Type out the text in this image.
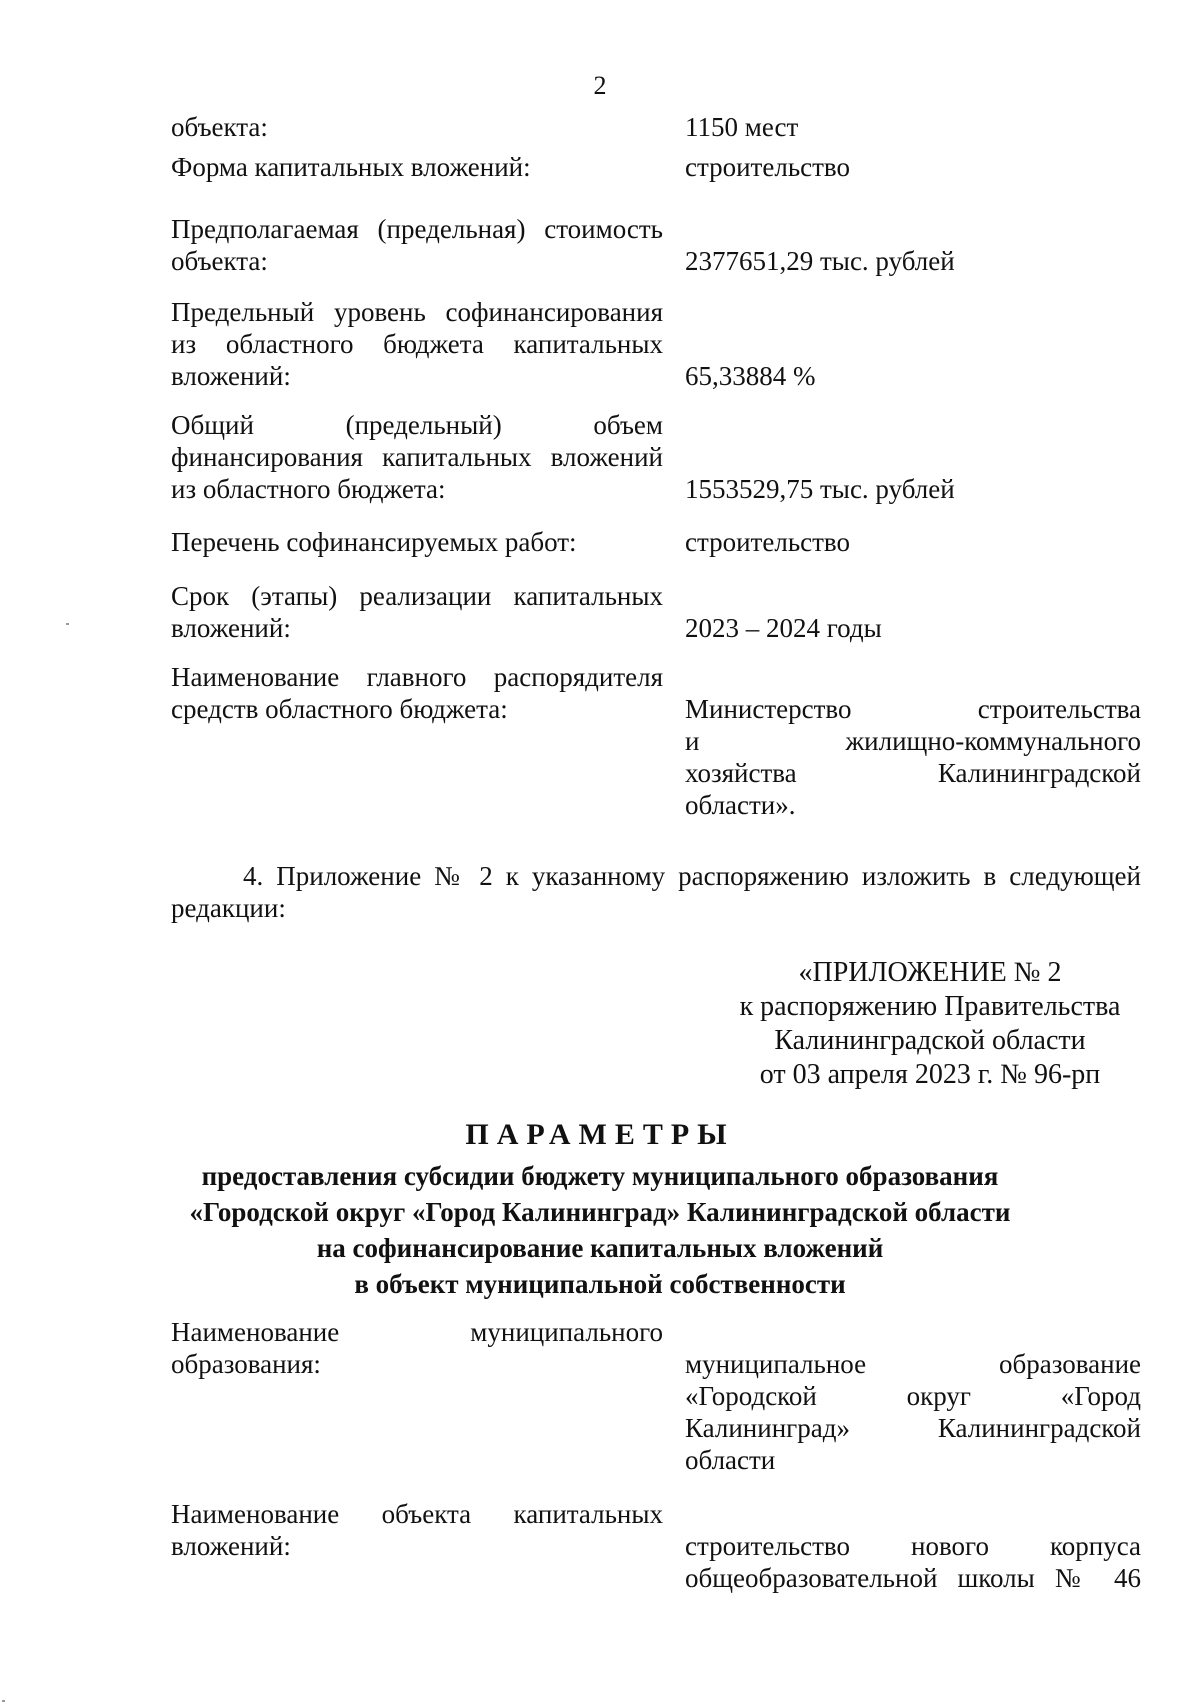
2
объекта:	1150 мест
Форма капитальных вложений:	строительство
Предполагаемая (предельная) стоимость
объекта:	2377651,29 тыс. рублей
Предельный уровень софинансирования
из областного бюджета капитальных
вложений:	65,33884 %
Общий (предельный) объем
финансирования капитальных вложений
из областного бюджета:	1553529,75 тыс. рублей
Перечень софинансируемых работ:	строительство
Срок (этапы) реализации капитальных
вложений:	2023 – 2024 годы
Наименование главного распорядителя
средств областного бюджета:	Министерство строительства
и жилищно-коммунального
хозяйства Калининградской
области».
4. Приложение № 2 к указанному распоряжению изложить в следующей редакции:
«ПРИЛОЖЕНИЕ № 2
к распоряжению Правительства
Калининградской области
от 03 апреля 2023 г. № 96-рп
ПАРАМЕТРЫ
предоставления субсидии бюджету муниципального образования
«Городской округ «Город Калининград» Калининградской области
на софинансирование капитальных вложений
в объект муниципальной собственности
Наименование муниципального
образования:	муниципальное образование
«Городской округ «Город
Калининград» Калининградской
области
Наименование объекта капитальных
вложений:	строительство нового корпуса
общеобразовательной школы № 46
